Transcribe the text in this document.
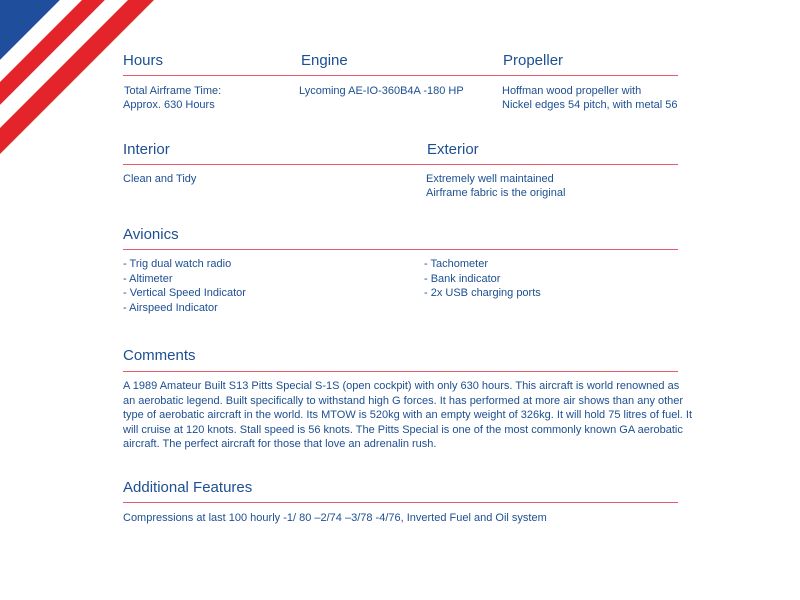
Hours
Total Airframe Time:
Approx. 630 Hours
Engine
Lycoming AE-IO-360B4A -180 HP
Propeller
Hoffman wood propeller with
Nickel edges 54 pitch, with metal 56
Interior
Clean and Tidy
Exterior
Extremely well maintained
Airframe fabric is the original
Avionics
- Trig dual watch radio
- Altimeter
- Vertical Speed Indicator
- Airspeed Indicator
- Tachometer
- Bank indicator
- 2x USB charging ports
Comments
A 1989 Amateur Built S13 Pitts Special S-1S (open cockpit) with only 630 hours. This aircraft is world renowned as an aerobatic legend. Built specifically to withstand high G forces. It has performed at more air shows than any other type of aerobatic aircraft in the world. Its MTOW is 520kg with an empty weight of 326kg. It will hold 75 litres of fuel. It will cruise at 120 knots. Stall speed is 56 knots. The Pitts Special is one of the most commonly known GA aerobatic aircraft. The perfect aircraft for those that love an adrenalin rush.
Additional Features
Compressions at last 100 hourly -1/ 80 –2/74 –3/78 -4/76, Inverted Fuel and Oil system
